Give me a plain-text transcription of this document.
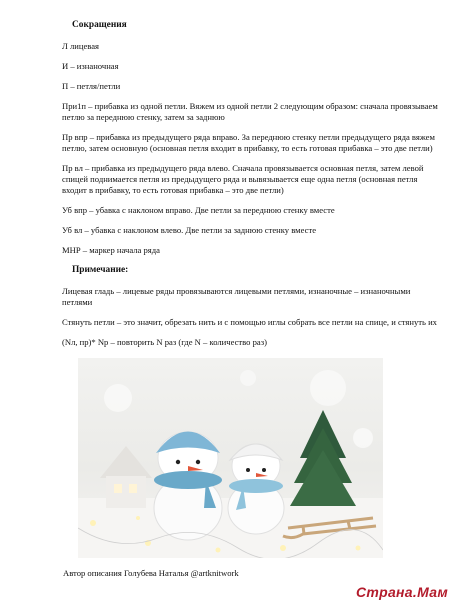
Сокращения
Л лицевая
И – изнаночная
П – петля/петли
При1п – прибавка из одной петли. Вяжем из одной петли 2 следующим образом: сначала провязываем петлю за переднюю стенку, затем за заднюю
Пр впр – прибавка из предыдущего ряда вправо. За переднюю стенку петли предыдущего ряда вяжем петлю, затем основную (основная петля входит в прибавку, то есть готовая прибавка – это две петли)
Пр вл – прибавка из предыдущего ряда влево. Сначала провязывается основная петля, затем левой спицей поднимается петля из предыдущего ряда и вывязывается еще одна петля (основная петля входит в прибавку, то есть готовая прибавка – это две петли)
Уб впр – убавка с наклоном вправо. Две петли за переднюю стенку вместе
Уб вл – убавка с наклоном влево. Две петли за заднюю стенку вместе
МНР – маркер начала ряда
Примечание:
Лицевая гладь – лицевые ряды провязываются лицевыми петлями, изнаночные – изнаночными петлями
Стянуть петли – это значит, обрезать нить и с помощью иглы собрать все петли на спице, и стянуть их
(Nл, пр)* Nр – повторить N раз (где N – количество раз)
Автор описания Голубева Наталья @artknitwork
Страна.Мам
